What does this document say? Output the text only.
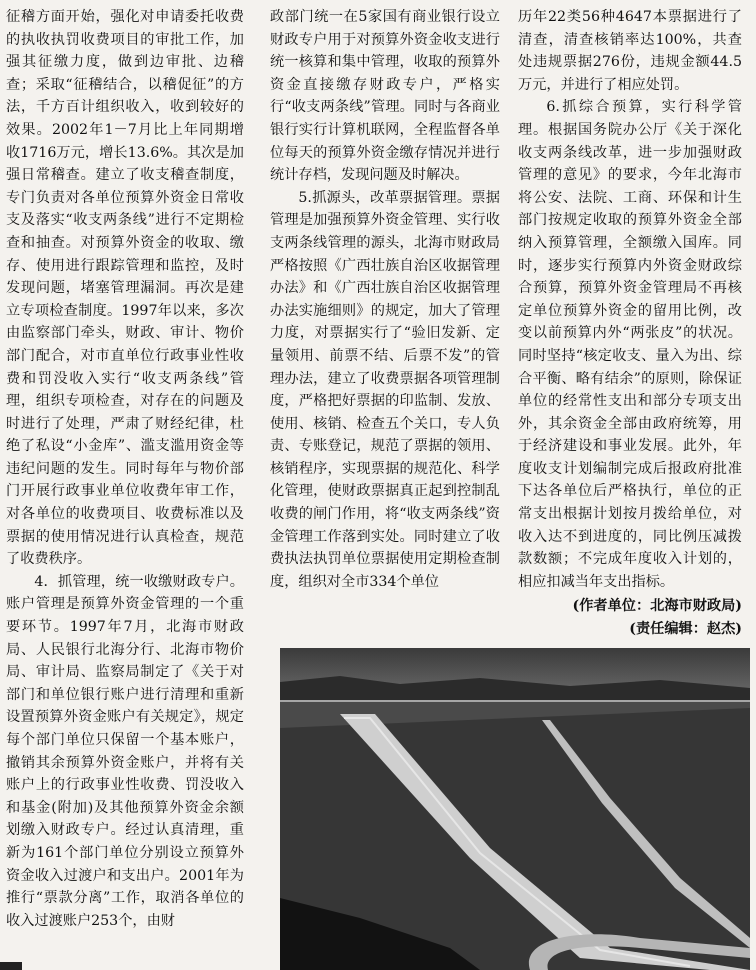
征稽方面开始，强化对申请委托收费的执收执罚收费项目的审批工作，加强其征缴力度，做到边审批、边稽查；采取“征稽结合，以稽促征”的方法，千方百计组织收入，收到较好的效果。2002年1－7月比上年同期增收1716万元，增长13.6%。其次是加强日常稽查。建立了收支稽查制度，专门负责对各单位预算外资金日常收支及落实“收支两条线”进行不定期检查和抽查。对预算外资金的收取、缴存、使用进行跟踪管理和监控，及时发现问题，堵塞管理漏洞。再次是建立专项检查制度。1997年以来，多次由监察部门牵头，财政、审计、物价部门配合，对市直单位行政事业性收费和罚没收入实行“收支两条线”管理，组织专项检查，对存在的问题及时进行了处理，严肃了财经纪律，杜绝了私设“小金库”、滥支滥用资金等违纪问题的发生。同时每年与物价部门开展行政事业单位收费年审工作，对各单位的收费项目、收费标准以及票据的使用情况进行认真检查，规范了收费秩序。

4．抓管理，统一收缴财政专户。账户管理是预算外资金管理的一个重要环节。1997年7月，北海市财政局、人民银行北海分行、北海市物价局、审计局、监察局制定了《关于对部门和单位银行账户进行清理和重新设置预算外资金账户有关规定》，规定每个部门单位只保留一个基本账户，撤销其余预算外资金账户，并将有关账户上的行政事业性收费、罚没收入和基金(附加)及其他预算外资金余额划缴入财政专户。经过认真清理，重新为161个部门单位分别设立预算外资金收入过渡户和支出户。2001年为推行“票款分离”工作，取消各单位的收入过渡账户253个，由财

政部门统一在5家国有商业银行设立财政专户用于对预算外资金收支进行统一核算和集中管理，收取的预算外资金直接缴存财政专户，严格实行“收支两条线”管理。同时与各商业银行实行计算机联网，全程监督各单位每天的预算外资金缴存情况并进行统计存档，发现问题及时解决。

5.抓源头，改革票据管理。票据管理是加强预算外资金管理、实行收支两条线管理的源头，北海市财政局严格按照《广西壮族自治区收据管理办法》和《广西壮族自治区收据管理办法实施细则》的规定，加大了管理力度，对票据实行了“验旧发新、定量领用、前票不结、后票不发”的管理办法，建立了收费票据各项管理制度，严格把好票据的印监制、发放、使用、核销、检查五个关口，专人负责、专账登记，规范了票据的领用、核销程序，实现票据的规范化、科学化管理，使财政票据真正起到控制乱收费的闸门作用，将“收支两条线”资金管理工作落到实处。同时建立了收费执法执罚单位票据使用定期检查制度，组织对全市334个单位

历年22类56种4647本票据进行了清查，清查核销率达100%，共查处违规票据276份，违规金额44.5万元，并进行了相应处罚。

6.抓综合预算，实行科学管理。根据国务院办公厅《关于深化收支两条线改革，进一步加强财政管理的意见》的要求，今年北海市将公安、法院、工商、环保和计生部门按规定收取的预算外资金全部纳入预算管理，全额缴入国库。同时，逐步实行预算内外资金财政综合预算，预算外资金管理局不再核定单位预算外资金的留用比例，改变以前预算内外“两张皮”的状况。同时坚持“核定收支、量入为出、综合平衡、略有结余”的原则，除保证单位的经常性支出和部分专项支出外，其余资金全部由政府统筹，用于经济建设和事业发展。此外，年度收支计划编制完成后报政府批准下达各单位后严格执行，单位的正常支出根据计划按月拨给单位，对收入达不到进度的，同比例压减拨款数额；不完成年度收入计划的，相应扣减当年支出指标。

(作者单位：北海市财政局)

(责任编辑：赵杰)
